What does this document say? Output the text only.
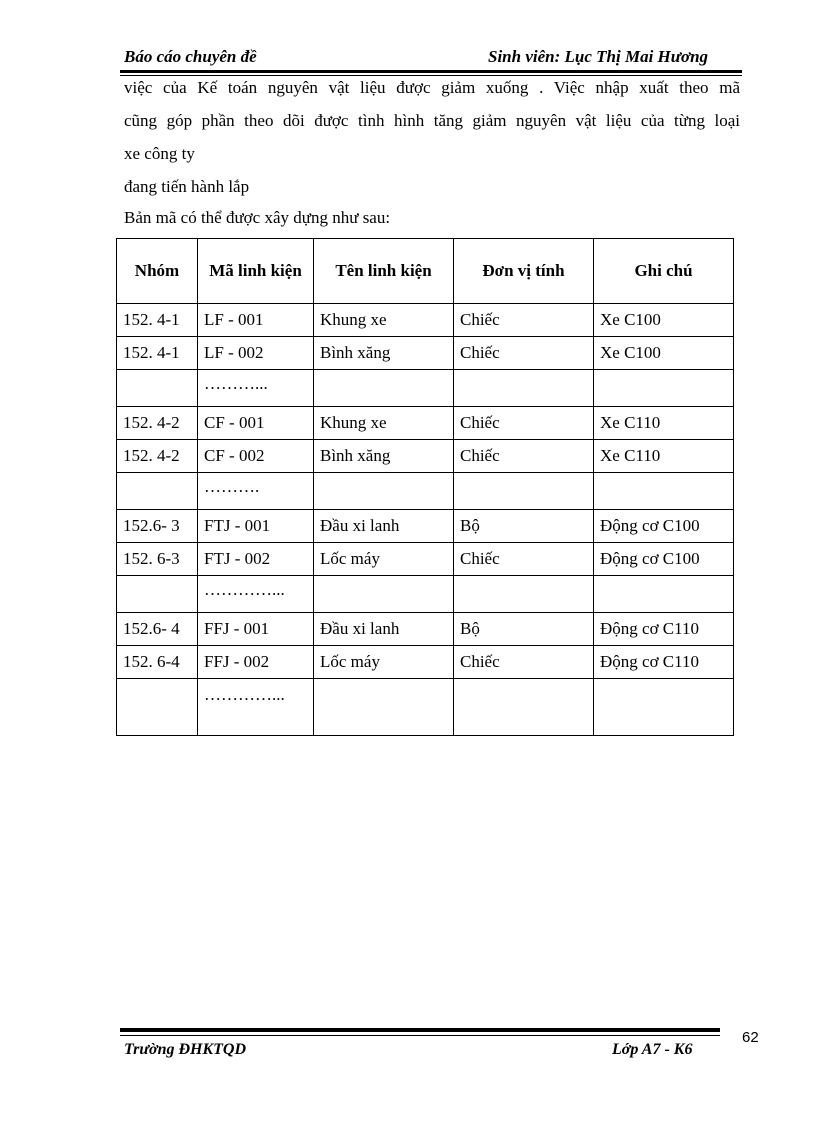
Báo cáo chuyên đề	Sinh viên: Lục Thị Mai Hương
việc của Kế toán nguyên vật liệu được giảm xuống . Việc nhập xuất theo mã
cũng góp phần theo dõi được tình hình tăng giảm nguyên vật liệu của từng loại
xe công ty
đang tiến hành lắp
Bản mã có thể được xây dựng như sau:
Nhóm	Mã linh kiện	Tên linh kiện	Đơn vị tính	Ghi chú
152. 4-1	LF - 001	Khung xe	Chiếc	Xe C100
152. 4-1	LF - 002	Bình xăng	Chiếc	Xe C100
	………...			
152. 4-2	CF - 001	Khung xe	Chiếc	Xe C110
152. 4-2	CF - 002	Bình xăng	Chiếc	Xe C110
	……….			
152.6- 3	FTJ - 001	Đầu xi lanh	Bộ	Động cơ C100
152. 6-3	FTJ - 002	Lốc máy	Chiếc	Động cơ C100
	…………...			
152.6- 4	FFJ - 001	Đầu xi lanh	Bộ	Động cơ C110
152. 6-4	FFJ - 002	Lốc máy	Chiếc	Động cơ C110
	…………...			
Trường ĐHKTQD	Lớp A7 - K6
62
